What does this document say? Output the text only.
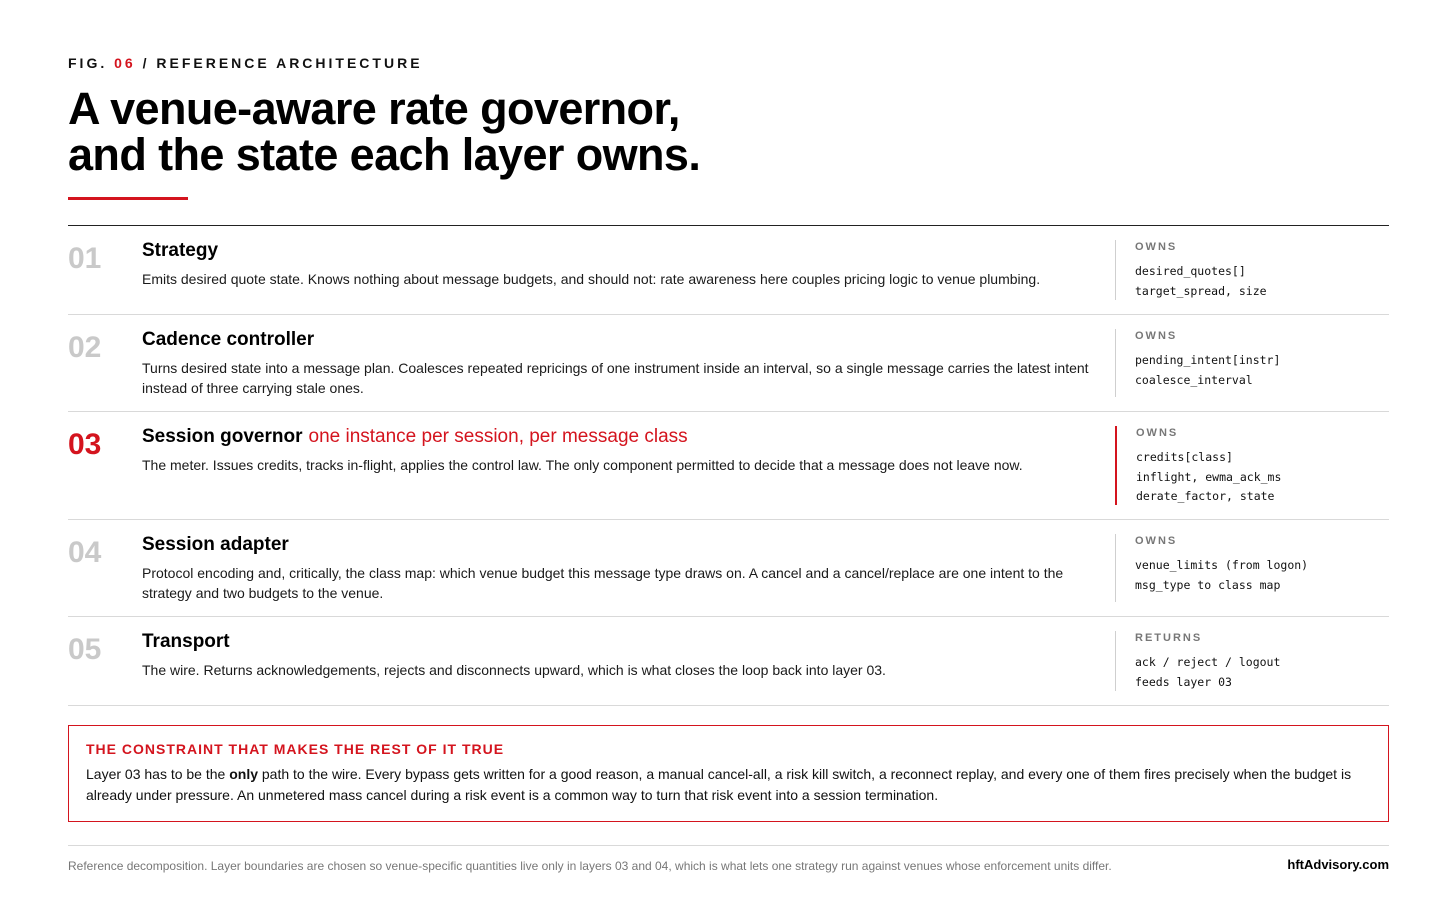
FIG. 06 / REFERENCE ARCHITECTURE
A venue-aware rate governor,
and the state each layer owns.
01 Strategy
Emits desired quote state. Knows nothing about message budgets, and should not: rate awareness here couples pricing logic to venue plumbing.
OWNS
desired_quotes[]
target_spread, size
02 Cadence controller
Turns desired state into a message plan. Coalesces repeated repricings of one instrument inside an interval, so a single message carries the latest intent instead of three carrying stale ones.
OWNS
pending_intent[instr]
coalesce_interval
03 Session governor one instance per session, per message class
The meter. Issues credits, tracks in-flight, applies the control law. The only component permitted to decide that a message does not leave now.
OWNS
credits[class]
inflight, ewma_ack_ms
derate_factor, state
04 Session adapter
Protocol encoding and, critically, the class map: which venue budget this message type draws on. A cancel and a cancel/replace are one intent to the strategy and two budgets to the venue.
OWNS
venue_limits (from logon)
msg_type to class map
05 Transport
The wire. Returns acknowledgements, rejects and disconnects upward, which is what closes the loop back into layer 03.
RETURNS
ack / reject / logout
feeds layer 03
THE CONSTRAINT THAT MAKES THE REST OF IT TRUE
Layer 03 has to be the only path to the wire. Every bypass gets written for a good reason, a manual cancel-all, a risk kill switch, a reconnect replay, and every one of them fires precisely when the budget is already under pressure. An unmetered mass cancel during a risk event is a common way to turn that risk event into a session termination.
Reference decomposition. Layer boundaries are chosen so venue-specific quantities live only in layers 03 and 04, which is what lets one strategy run against venues whose enforcement units differ.	hftAdvisory.com
